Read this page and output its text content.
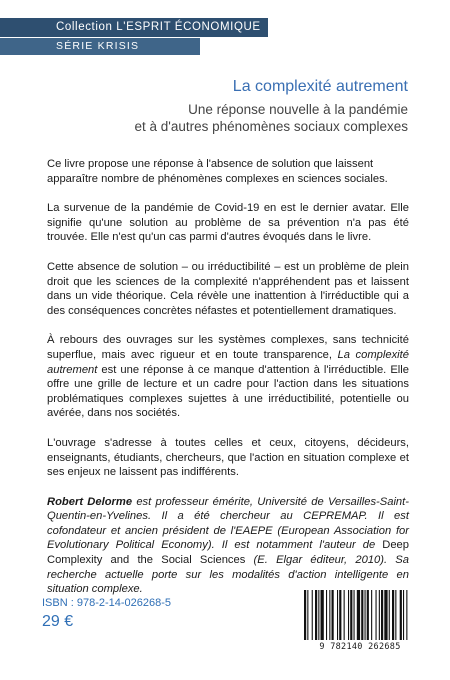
Collection L'ESPRIT ÉCONOMIQUE
SÉRIE KRISIS
La complexité autrement
Une réponse nouvelle à la pandémie
et à d'autres phénomènes sociaux complexes

Ce livre propose une réponse à l'absence de solution que laissent apparaître nombre de phénomènes complexes en sciences sociales.

La survenue de la pandémie de Covid-19 en est le dernier avatar. Elle signifie qu'une solution au problème de sa prévention n'a pas été trouvée. Elle n'est qu'un cas parmi d'autres évoqués dans le livre.

Cette absence de solution – ou irréductibilité – est un problème de plein droit que les sciences de la complexité n'appréhendent pas et laissent dans un vide théorique. Cela révèle une inattention à l'irréductible qui a des conséquences concrètes néfastes et potentiellement dramatiques.

À rebours des ouvrages sur les systèmes complexes, sans technicité superflue, mais avec rigueur et en toute transparence, La complexité autrement est une réponse à ce manque d'attention à l'irréductible. Elle offre une grille de lecture et un cadre pour l'action dans les situations problématiques complexes sujettes à une irréductibilité, potentielle ou avérée, dans nos sociétés.

L'ouvrage s'adresse à toutes celles et ceux, citoyens, décideurs, enseignants, étudiants, chercheurs, que l'action en situation complexe et ses enjeux ne laissent pas indifférents.

Robert Delorme est professeur émérite, Université de Versailles-Saint-Quentin-en-Yvelines. Il a été chercheur au CEPREMAP. Il est cofondateur et ancien président de l'EAEPE (European Association for Evolutionary Political Economy). Il est notamment l'auteur de Deep Complexity and the Social Sciences (E. Elgar éditeur, 2010). Sa recherche actuelle porte sur les modalités d'action intelligente en situation complexe.

ISBN : 978-2-14-026268-5
29 €
9 782140 262685
